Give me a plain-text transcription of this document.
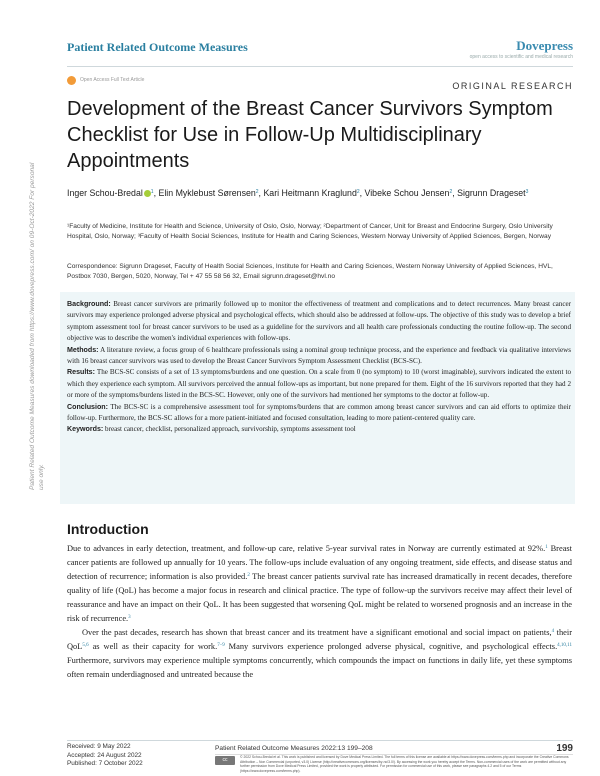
Patient Related Outcome Measures	Dovepress
open access to scientific and medical research
Open Access Full Text Article
ORIGINAL RESEARCH
Development of the Breast Cancer Survivors Symptom Checklist for Use in Follow-Up Multidisciplinary Appointments
Inger Schou-Bredal $^1$, Elin Myklebust Sørensen$^2$, Kari Heitmann Kraglund$^2$, Vibeke Schou Jensen$^2$, Sigrunn Drageset$^3$
¹Faculty of Medicine, Institute for Health and Science, University of Oslo, Oslo, Norway; ²Department of Cancer, Unit for Breast and Endocrine Surgery, Oslo University Hospital, Oslo, Norway; ³Faculty of Health Social Sciences, Institute for Health and Caring Sciences, Western Norway University of Applied Sciences, Bergen, Norway
Correspondence: Sigrunn Drageset, Faculty of Health Social Sciences, Institute for Health and Caring Sciences, Western Norway University of Applied Sciences, HVL, Postbox 7030, Bergen, 5020, Norway, Tel + 47 55 58 56 32, Email sigrunn.drageset@hvl.no

Background: Breast cancer survivors are primarily followed up to monitor the effectiveness of treatment and complications and to detect recurrences. Many breast cancer survivors may experience prolonged adverse physical and psychological effects, which should also be addressed at follow-ups. The objective of this study was to develop a brief symptom assessment tool for breast cancer survivors to be used as a guideline for the survivors and all health care professionals conducting the routine follow-up. The second objective was to describe the women's individual experiences with follow-ups.

Methods: A literature review, a focus group of 6 healthcare professionals using a nominal group technique process, and the experience and feedback via qualitative interviews with 16 breast cancer survivors was used to develop the Breast Cancer Survivors Symptom Assessment Checklist (BCS-SC).

Results: The BCS-SC consists of a set of 13 symptoms/burdens and one question. On a scale from 0 (no symptom) to 10 (worst imaginable), survivors indicated the extent to which they experience each symptom. All survivors perceived the annual follow-ups as important, but none prepared for them. Eight of the 16 survivors reported that they had 2 or more of the symptoms/burdens listed in the BCS-SC. However, only one of the survivors had mentioned her symptoms to the doctor at follow-up.

Conclusion: The BCS-SC is a comprehensive assessment tool for symptoms/burdens that are common among breast cancer survivors and can aid efforts to optimize their follow-up. Furthermore, the BCS-SC allows for a more patient-initiated and focused consultation, leading to more patient-centered quality care.

Keywords: breast cancer, checklist, personalized approach, survivorship, symptoms assessment tool

Patient Related Outcome Measures downloaded from https://www.dovepress.com/ on 09-Oct-2022 For personal use only.
Introduction

Due to advances in early detection, treatment, and follow-up care, relative 5-year survival rates in Norway are currently estimated at 92%.$^1$ Breast cancer patients are followed up annually for 10 years. The follow-ups include evaluation of any ongoing treatment, side effects, and disease status and detection of recurrence; information is also provided.$^2$ The breast cancer patients survival rate has increased dramatically in recent decades, therefore quality of life (QoL) has become a major focus in research and clinical practice. The type of follow-up the survivors receive may affect their level of reassurance and have an impact on their QoL. It has been suggested that worsening QoL might be related to worsened prognosis and an increase in the risk of recurrence.$^3$

Over the past decades, research has shown that breast cancer and its treatment have a significant emotional and social impact on patients,$^4$ their QoL$^{5,6}$ as well as their capacity for work.$^{7-9}$ Many survivors experience prolonged adverse physical, cognitive, and psychological effects.$^{4,10,11}$ Furthermore, survivors may experience multiple symptoms concurrently, which compounds the impact on functions in daily life, yet these symptoms often remain underdiagnosed and untreated because the

Received: 9 May 2022
Accepted: 24 August 2022
Published: 7 October 2022
Patient Related Outcome Measures 2022:13 199–208	199
cc	© 2022 Schou-Bredal et al. This work is published and licensed by Dove Medical Press Limited. The full terms of this license are available at https://www.dovepress.com/terms.php and incorporate the Creative Commons Attribution – Non Commercial (unported, v3.0) License (http://creativecommons.org/licenses/by-nc/3.0/). By accessing the work you hereby accept the Terms. Non-commercial uses of the work are permitted without any further permission from Dove Medical Press Limited, provided the work is properly attributed. For permission for commercial use of this work, please see paragraphs 4.2 and 5 of our Terms (https://www.dovepress.com/terms.php).
